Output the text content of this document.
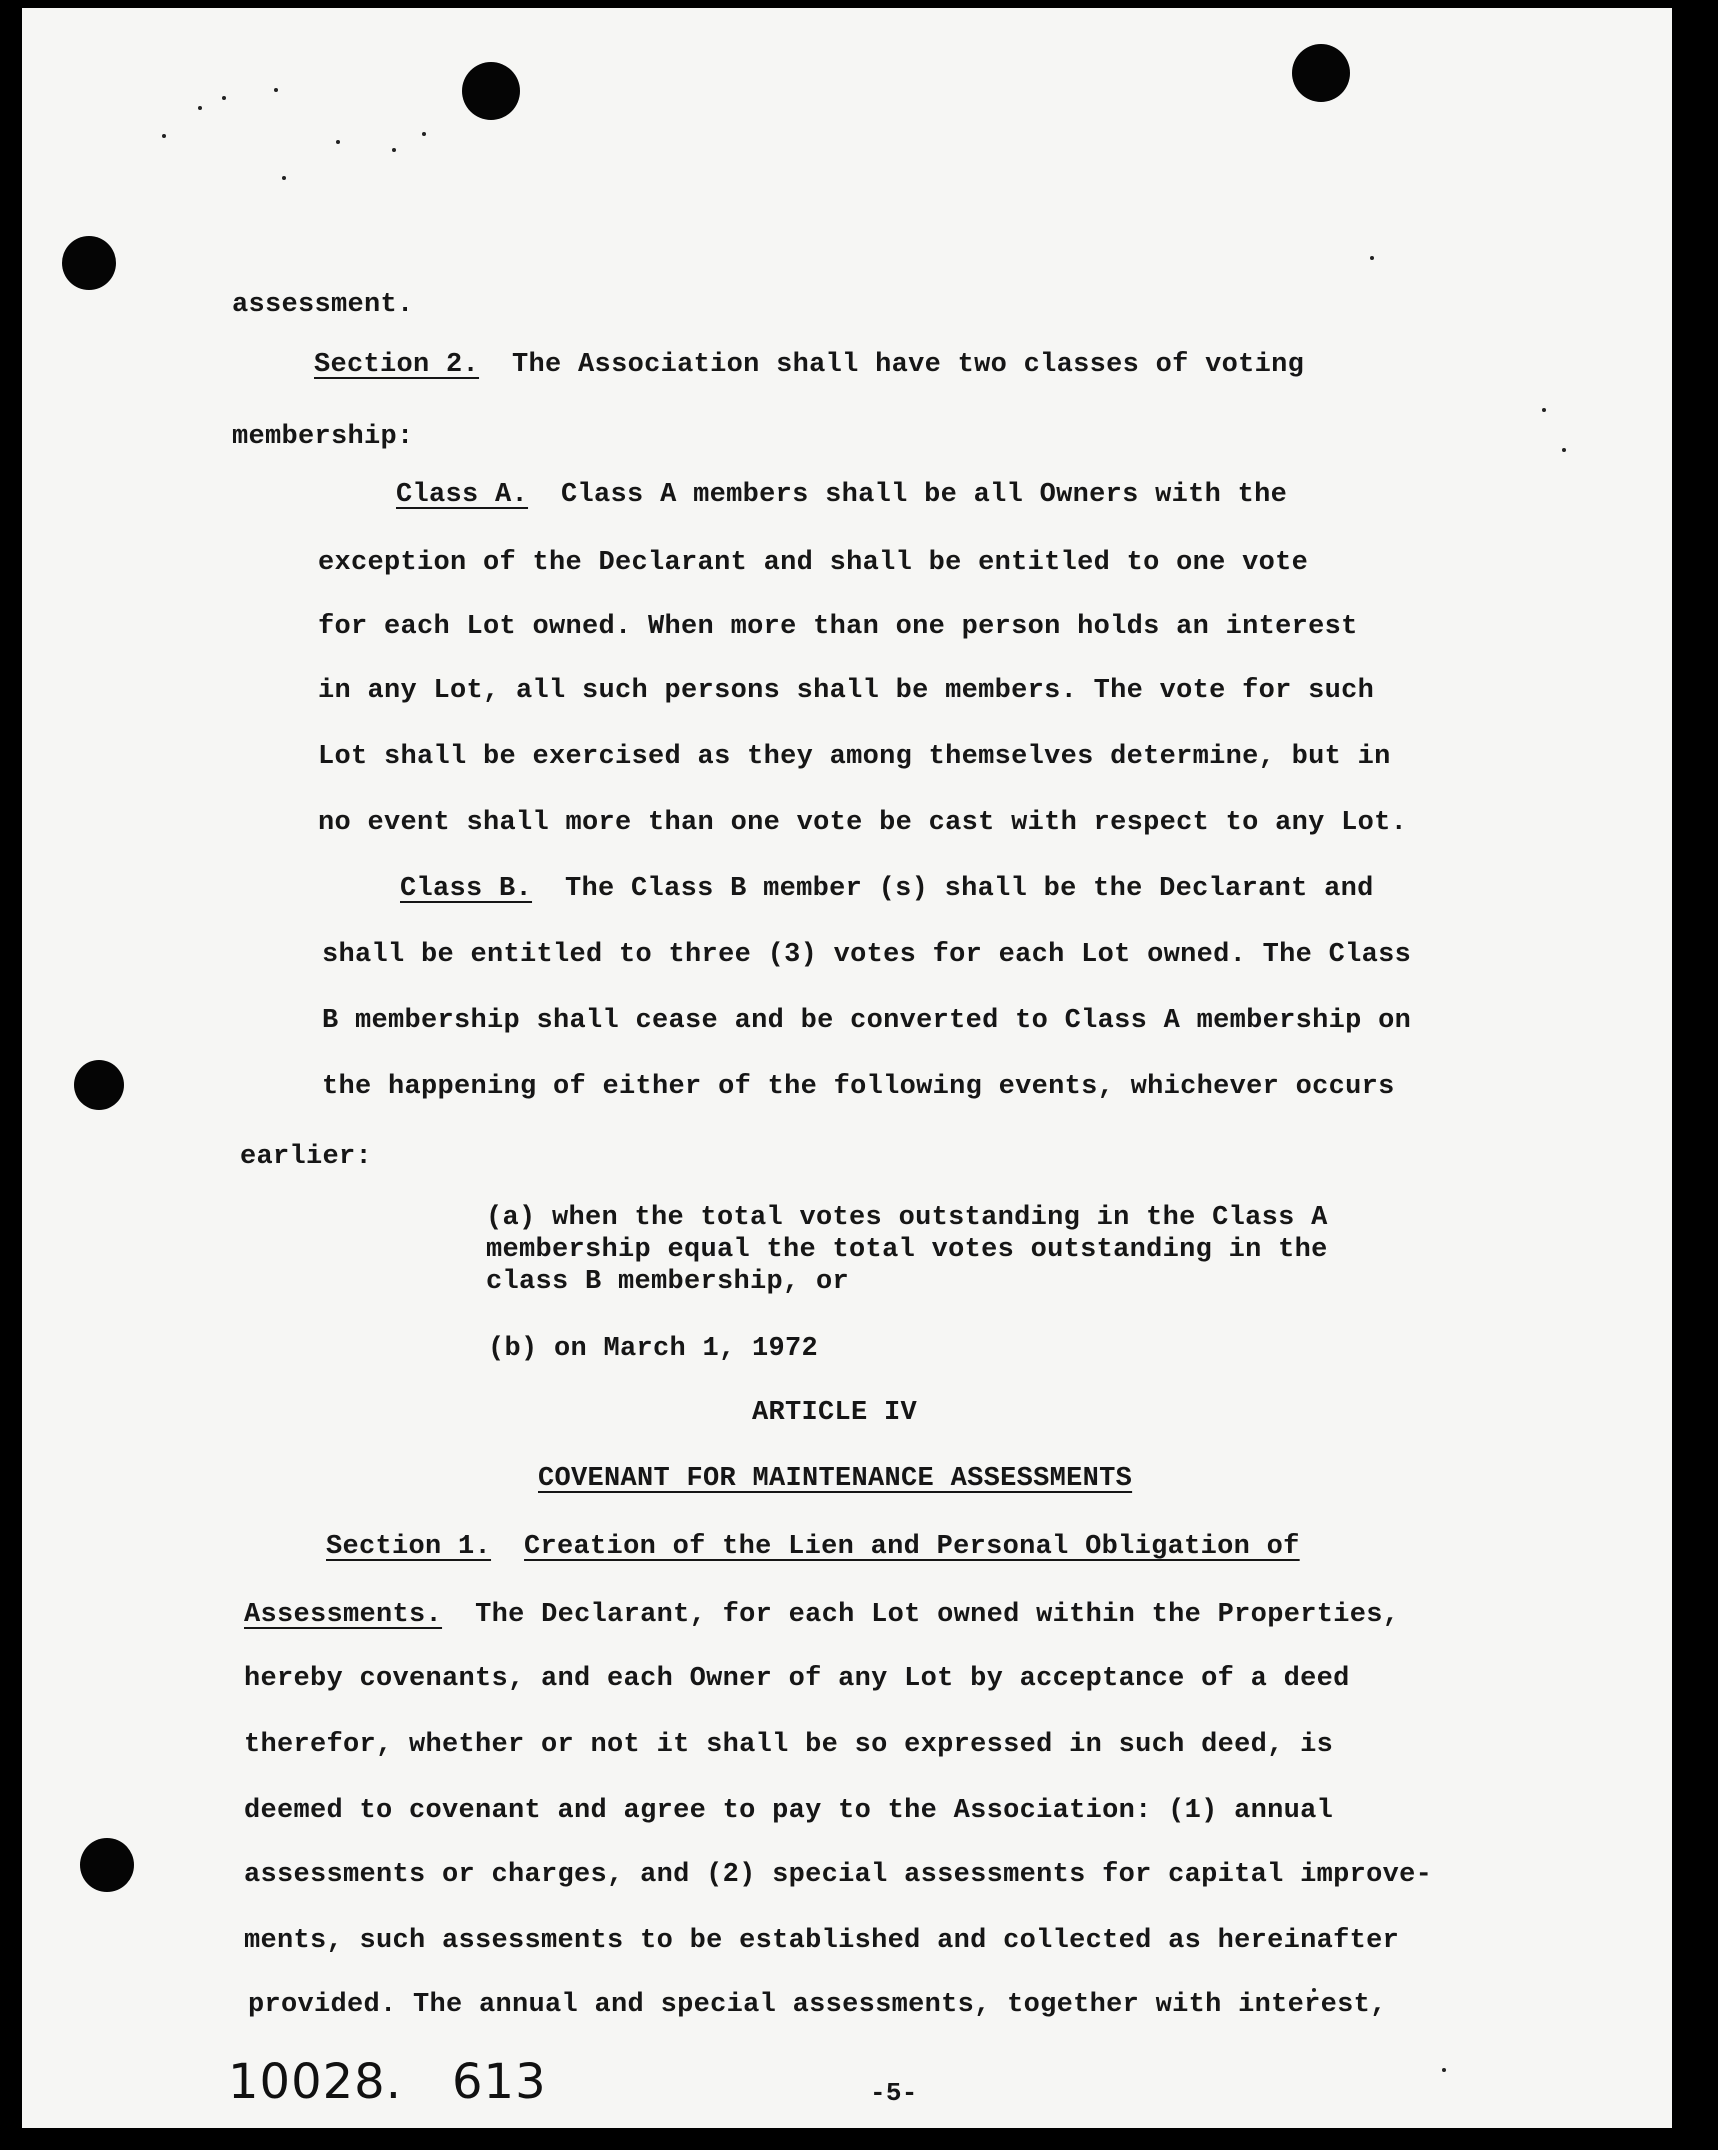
assessment.
Section 2. The Association shall have two classes of voting
membership:
Class A. Class A members shall be all Owners with the
exception of the Declarant and shall be entitled to one vote
for each Lot owned. When more than one person holds an interest
in any Lot, all such persons shall be members. The vote for such
Lot shall be exercised as they among themselves determine, but in
no event shall more than one vote be cast with respect to any Lot.
Class B. The Class B member (s) shall be the Declarant and
shall be entitled to three (3) votes for each Lot owned. The Class
B membership shall cease and be converted to Class A membership on
the happening of either of the following events, whichever occurs
earlier:
(a) when the total votes outstanding in the Class A
membership equal the total votes outstanding in the
class B membership, or
(b) on March 1, 1972
ARTICLE IV
COVENANT FOR MAINTENANCE ASSESSMENTS
Section 1. Creation of the Lien and Personal Obligation of
Assessments. The Declarant, for each Lot owned within the Properties,
hereby covenants, and each Owner of any Lot by acceptance of a deed
therefor, whether or not it shall be so expressed in such deed, is
deemed to covenant and agree to pay to the Association: (1) annual
assessments or charges, and (2) special assessments for capital improve-
ments, such assessments to be established and collected as hereinafter
provided. The annual and special assessments, together with interest,
10028. 613	-5-
